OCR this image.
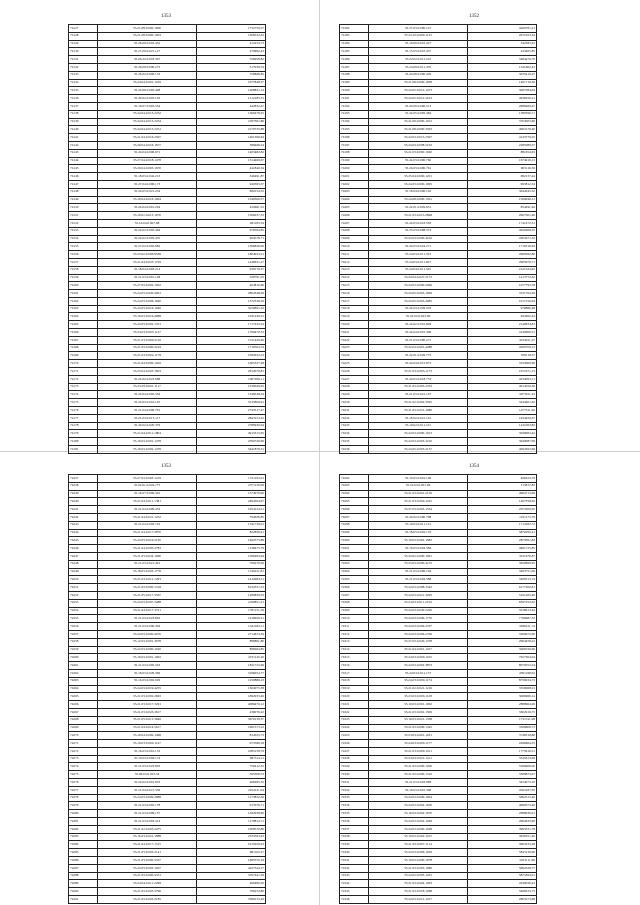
1353
74127	35.21.08.0.000.1000	1732756,57
74128	35.21.08.0.000.1003	1306532,63
74129	35.26.09.0.003.452	412234,73
74130	35.27.09.0.021.127	279992,43
74131	35.06.22.0.018.397	356958,82
74132	35.29.09.0.000.273	317939,34
74133	35.26.02.0.000.153	728898,85
74134	35.24.04.0.001.1169	1077848,37
74135	35.24.09.0.002.448	1408831,14
74136	35.29.02.0.003.193	1512185,31
74137	35.19.07.0.003.334	442832,47
74138	35.24.04.0.013.2232	1360478,25
74139	35.24.04.0.013.2234	2187391,86
74140	35.24.04.0.013.2231	2170735,88
74141	35.21.04.0.016.2307	1461396,64
74142	35.29.04.0.016.1677	388468,24
74143	35.24.04.0.006.671	1403482,82
74144	35.27.04.0.018.1478	1314469,67
74145	35.29.04.0.003.1670	441840,34
74146	35.18.03.0.042.213	346491,87
74147	35.27.04.0.006.173	940393,37
74148	35.24.05.0.021.234	890154,35
74149	35.19.04.0.016.1004	1349306,57
74150	35.24.04.0.001.204	432691,55
74151	35.19.01.0.013.1070	1306037,35
74152	35.16.04.0.007.68	281183,34
74153	35.24.02.0.005.464	670594,85
74154	35.24.02.0.005.470	964578,71
74155	35.27.02.0.002.982	1396826,06
74156	35.23.02.0.006.9569	1804934,21
74157	35.21.04.0.023.1729	1448631,27
74158	35.18.04.0.003.214	939179,37
74159	35.21.03.0.001.148	528791,05
74160	35.27.03.0.002.1952	404810,60
74161	35.24.03.0.020.4061	2804348,09
74162	35.24.03.0.006.1640	1372339,29
74163	35.24.03.0.016.1646	3226891,32
74164	35.19.03.0.016.4088	1631449,31
74165	35.24.03.0.002.1351	1717432,24
74166	35.24.03.0.003.1137	1799470,33
74167	35.21.03.0.000.2116	1311429,49
74168	35.21.03.0.000.2193	1710504,74
74169	35.21.03.0.002.1178	1092932,23
74170	35.21.04.0.000.1202	1665337,28
74171	35.23.04.0.003.1603	2612979,81
74172	35.24.02.0.023.968	1067266,11
74173	35.23.03.0.001.1117	1530049,05
74174	35.24.04.0.002.334	1348538,34
74175	35.24.03.0.016.167	3135806,91
74176	35.21.04.0.006.791	2743517,47
74177	35.21.03.0.013.117	2843153,22
74178	35.29.02.0.020.379	2786930,64
74179	35.21.04.0.011.1804	4915315,65
74180	35.19.03.0.001.1478	2590726,66
74181	35.19.03.0.002.1479	3441876,31
1352
74182	35.27.03.0.000.147	4269781,21
74183	35.24.10.0.000.1135	2071923,34
74184	35.16.09.0.010.427	342383,43
74185	35.15.03.0.010.437	443405,85
74186	35.22.02.0.011.102	3484476,70
74187	35.24.09.0.011.470	1341602,43
74188	35.24.08.0.000.429	3035416,27
74189	35.21.08.0.000.1058	1401719,36
74190	35.24.05.0.012.1473	3067584,04
74191	35.24.05.0.012.5013	4938256,21
74192	35.24.09.0.000.513	2986469,47
74193	35.24.05.0.005.462	1380596,71
74194	35.21.09.0.000.1912	3704503,60
74195	35.21.08.0.000.3303	4063176,40
74196	35.24.03.0.013.2307	4143779,25
74197	35.24.03.0.008.5102	2285089,57
74198	35.21.03.0.000.1020	881654,63
74199	35.24.03.0.000.760	1674916,13
74200	35.24.03.0.000.761	903116,59
74201	35.25.04.0.000.1201	682137,44
74202	35.24.03.0.000.1005	993812,54
74203	35.18.04.0.000.102	3044245,32
74204	35.24.08.0.000.1501	1509946,31
74205	35.22.01.0.029.831	854291,64
74206	35.21.03.0.013.2848	2007301,49
74207	35.24.03.0.023.503	1741472,31
74208	35.25.03.0.008.374	4020408,35
74209	35.24.03.0.000.4192	4303071,52
74210	35.24.03.0.024.271	1710316,64
74211	35.24.03.0.011.353	2969500,80
74212	35.24.03.0.011.607	2905679,71
74213	35.24.04.0.011.525	2121524,92
74214	35.24.04.0.027.2172	1413772,62
74215	35.24.03.0.000.2046	1077793,78
74216	35.24.05.0.003.1009	3331764,29
74217	35.24.05.0.003.2085	1017150,94
74218	35.24.03.0.029.503	976866,48
74219	35.24.02.0.025.99	494362,44
74220	35.24.02.0.010.849	2140834,81
74221	35.24.04.0.001.306	4149906,51
74222	35.21.03.0.000.271	4234011,27
74223	35.22.04.0.001.4288	4309709,13
74224	35.22.01.0.029.773	358118,37
74225	35.24.04.0.015.873	3333669,69
74226	35.21.03.0.003.1173	1071971,13
74227	35.24.03.0.018.753	4234093,71
74228	35.21.03.0.003.2333	4014256,36
74229	35.21.03.0.021.167	3073011,23
74230	35.21.02.0.002.3505	3244401,62
74231	35.21.03.0.021.1080	1477311,62
74232	35.18.02.0.021.101	1934459,37
74233	35.19.02.0.011.101	1431063,82
74234	35.24.03.0.000.1913	3030963,42
74235	35.24.03.0.003.3210	3940087,09
74236	35.24.05.0.003.2137	4094393,66
1353
74237	35.27.03.0.003.1419	1721193,01
74238	35.02.01.0.024.775	2371139,09
74239	35.16.07.0.009.345	1374976,90
74240	35.21.04.0.011.1381	2484594,97
74241	35.21.04.0.009.453	1954124,51
74242	35.21.04.0.021.1232	794656,85
74243	35.21.04.0.002.722	1341736,01
74244	35.21.04.0.017.2870	822858,41
74245	35.24.03.0.016.2165	1462575,89
74246	35.21.04.0.005.2783	1138473,79
74247	35.21.03.0.024.1990	1586484,64
74248	35.21.03.0.021.491	799278,36
74249	35.18.03.0.003.1776	1746411,81
74250	35.21.03.0.011.1293	1412984,51
74251	35.21.03.0.000.1318	6132331,33
74252	35.21.05.0.017.3567	1280839,33
74253	35.24.03.0.007.3488	2169851,21
74254	35.21.04.0.017.3721	1761151,59
74255	35.21.03.0.023.822	1919956,21
74256	35.21.03.0.000.394	1341945,11
74257	35.24.03.0.000.4070	2714674,39
74258	35.12.03.0.001.3078	886861,80
74259	35.22.03.0.000.1020	896064,85
74260	35.19.03.0.001.1002	4731145,20
74261	35.21.03.0.002.343	1841725,66
74262	35.18.03.0.026.366	3196054,77
74263	35.16.03.0.002.929	1250886,23
74264	35.24.03.0.019.4255	1364075,38
74265	35.21.03.0.002.2663	1892933,49
74266	35.21.03.0.017.3291	4086476,12
74267	35.21.03.0.023.3617	436076,22
74268	35.21.05.0.011.3646	3670139,37
74269	35.21.04.0.014.5617	1961373,12
74270	35.19.04.0.000.1498	814323,73
74271	35.19.03.0.000.1147	975598,18
74272	35.16.03.0.001.153	1085158,79
74273	35.19.03.0.004.174	681514,11
74274	35.21.03.0.023.603	750412,35
74275	35.06.03.0.023.34	395308,53
74276	35.24.02.0.001.933	468285,32
74277	35.21.04.0.021.336	2252411,04
74278	35.24.03.0.009.2888	1173832,56
74279	35.21.03.0.002.178	917076,71
74280	35.21.03.0.009.157	1392938,60
74281	35.21.03.0.003.314	1179814,71
74282	35.21.02.0.003.2475	1008570,80
74283	35.16.03.0.021.1888	2335393,43
74284	35.21.04.0.017.1315	1915929,23
74285	35.21.03.0.003.2141	681102,27
74286	35.21.03.0.000.3337	1685370,19
74287	35.24.03.0.003.1007	4227344,17
74288	35.21.03.0.000.4331	3197441,59
74289	35.24.04.0.011.2298	496480,20
74290	35.21.03.0.003.3796	706234,80
74291	35.21.03.0.003.2185	3388133,49
1354
74292	35.19.03.0.001.106	496324,79
74293	35.19.03.0.001.96	113817,85
74294	35.21.03.0.001.2156	4964713,06
74295	35.21.03.0.004.1162	1467358,62
74296	35.27.03.0.003.1334	2673300,05
74297	35.24.02.0.000.708	1191173,79
74298	35.19.03.0.011.131	1714182,72
74299	35.18.03.0.002.135	5870295,41
74300	35.19.03.0.002.1082	2875091,83
74301	35.16.03.0.002.384	4691725,85
74302	35.24.02.0.000.1061	3011676,87
74303	35.23.03.0.000.4155	3659899,95
74304	35.21.03.0.000.194	3493751,09
74305	35.21.03.0.004.388	3499513,74
74306	35.24.03.0.008.3342	6177500,81
74307	35.24.03.0.021.3205	5101265,49
74308	35.24.03.0.011.2150	6397252,02
74309	35.24.03.0.020.2220	5018613,44
74310	35.24.03.0.009.1770	7796687,33
74311	35.24.03.0.006.2707	3036411,74
74312	35.24.03.0.006.2706	3366972,90
74313	35.27.03.0.029.1378	2964458,22
74314	35.21.04.0.001.1107	3068156,60
74315	35.24.03.0.000.1165	7057304,04
74316	35.24.03.0.002.3873	8079352,24
74317	35.24.03.0.011.173	4591198,02
74318	35.24.03.0.000.1174	8756034,73
74319	35.21.02.0.021.1216	3356968,01
74320	35.23.03.0.000.1128	3066966,14
74321	35.19.03.0.001.1002	2888964,99
74322	35.21.03.0.002.1509	3302916,75
74323	35.19.03.0.021.1338	1731311,98
74324	35.21.03.0.009.1345	3596808,73
74325	35.23.03.0.001.1181	3748318,80
74326	35.24.03.0.000.1177	2496664,35
74327	35.21.03.0.009.1011	1775916,51
74328	35.24.03.0.021.1211	3335613,09
74329	35.21.03.0.000.1200	5568406,00
74330	35.21.02.0.000.1310	3369873,07
74331	35.21.03.0.003.989	3434073,10
74332	35.16.03.0.001.308	4563187,05
74333	35.24.03.0.009.1004	5692513,40
74334	35.24.03.0.002.1030	4999373,40
74335	35.16.03.0.002.1070	2988936,01
74336	35.24.03.0.002.1048	2964633,00
74337	35.24.03.0.000.1028	3993331,78
74338	35.19.03.0.002.1015	3936351,49
74339	35.21.03.0.007.1114	3963333,28
74340	35.24.03.0.006.1029	5843136,90
74341	35.19.03.0.000.1078	3223111,60
74342	35.21.03.0.003.1080	5962328,77
74343	35.24.02.0.003.1201	5873393,01
74344	35.21.03.0.004.1063	4349036,43
74345	35.21.03.0.018.1068	5468233,75
74346	35.24.03.0.012.1017	2803273,68
